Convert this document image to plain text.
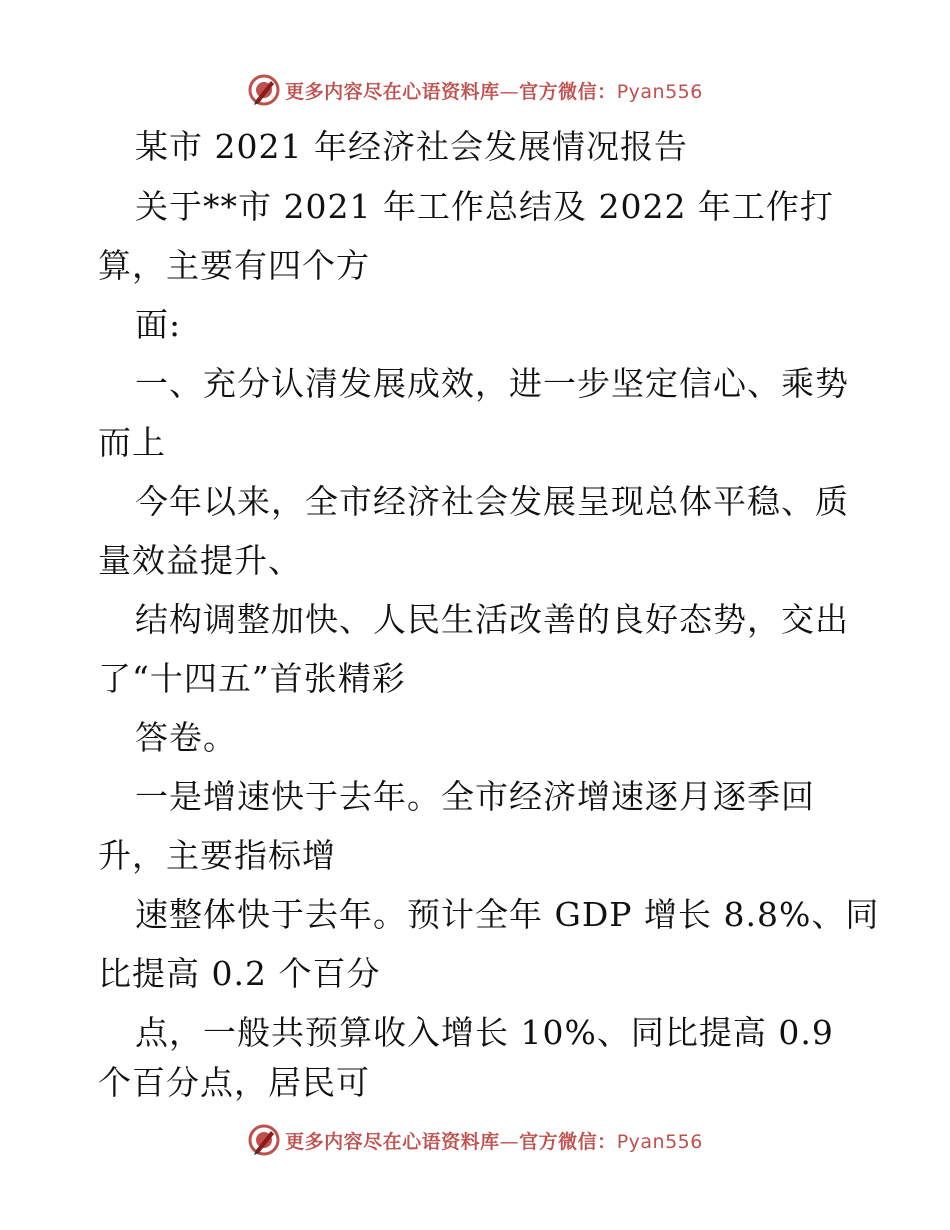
更多内容尽在心语资料库—官方微信：Pyan556
某市 2021 年经济社会发展情况报告
关于**市 2021 年工作总结及 2022 年工作打
算，主要有四个方
面:
一、充分认清发展成效，进一步坚定信心、乘势
而上
今年以来，全市经济社会发展呈现总体平稳、质
量效益提升、
结构调整加快、人民生活改善的良好态势，交出
了“十四五”首张精彩
答卷。
一是增速快于去年。全市经济增速逐月逐季回
升，主要指标增
速整体快于去年。预计全年 GDP 增长 8.8%、同
比提高 0.2 个百分
点，一般共预算收入增长 10%、同比提高 0.9
个百分点，居民可
更多内容尽在心语资料库—官方微信：Pyan556
